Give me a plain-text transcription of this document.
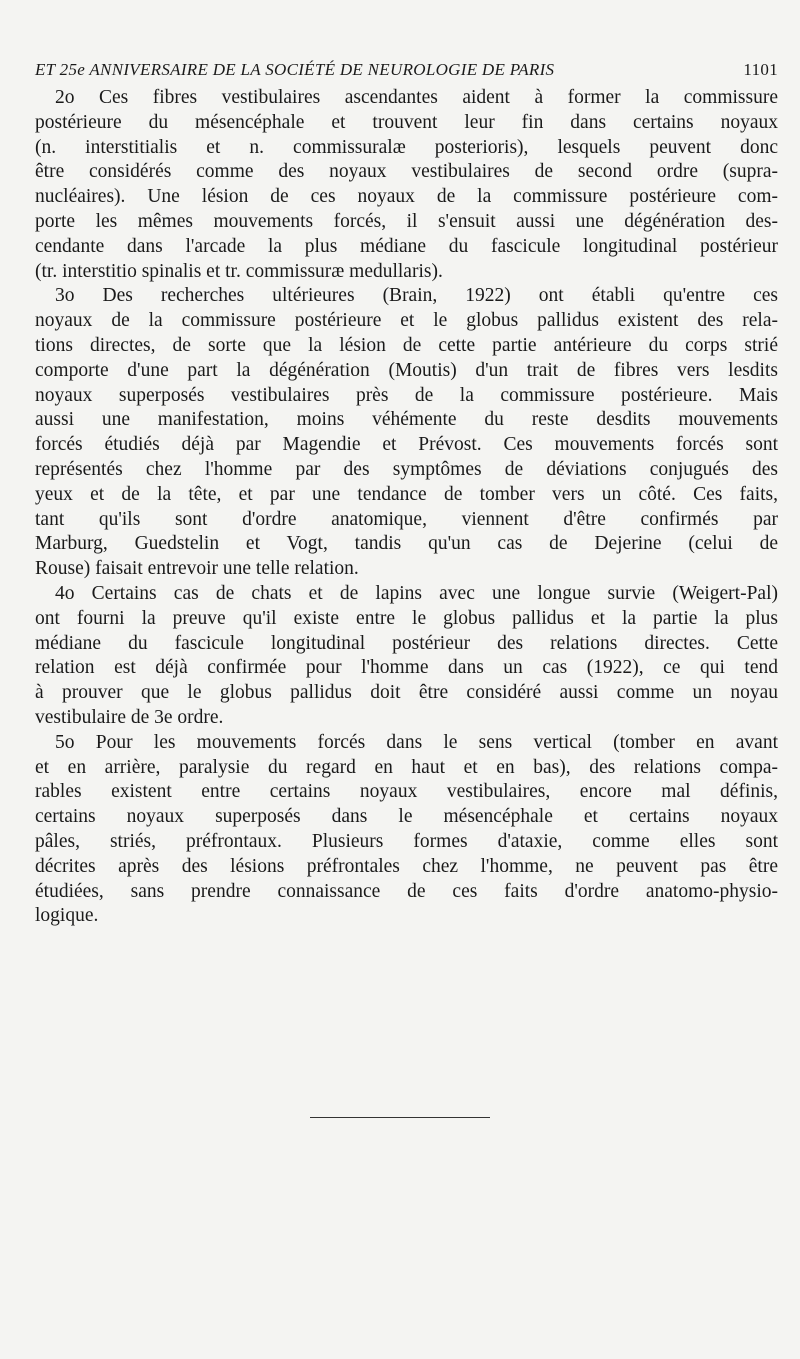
ET 25e ANNIVERSAIRE DE LA SOCIÉTÉ DE NEUROLOGIE DE PARIS	1101
2o Ces fibres vestibulaires ascendantes aident à former la commissure
postérieure du mésencéphale et trouvent leur fin dans certains noyaux
(n. interstitialis et n. commissuralæ posterioris), lesquels peuvent donc
être considérés comme des noyaux vestibulaires de second ordre (supra-
nucléaires). Une lésion de ces noyaux de la commissure postérieure com-
porte les mêmes mouvements forcés, il s'ensuit aussi une dégénération des-
cendante dans l'arcade la plus médiane du fascicule longitudinal postérieur
(tr. interstitio spinalis et tr. commissuræ medullaris).
3o Des recherches ultérieures (Brain, 1922) ont établi qu'entre ces
noyaux de la commissure postérieure et le globus pallidus existent des rela-
tions directes, de sorte que la lésion de cette partie antérieure du corps strié
comporte d'une part la dégénération (Moutis) d'un trait de fibres vers lesdits
noyaux superposés vestibulaires près de la commissure postérieure. Mais
aussi une manifestation, moins véhémente du reste desdits mouvements
forcés étudiés déjà par Magendie et Prévost. Ces mouvements forcés sont
représentés chez l'homme par des symptômes de déviations conjugués des
yeux et de la tête, et par une tendance de tomber vers un côté. Ces faits,
tant qu'ils sont d'ordre anatomique, viennent d'être confirmés par
Marburg, Guedstelin et Vogt, tandis qu'un cas de Dejerine (celui de
Rouse) faisait entrevoir une telle relation.
4o Certains cas de chats et de lapins avec une longue survie (Weigert-Pal)
ont fourni la preuve qu'il existe entre le globus pallidus et la partie la plus
médiane du fascicule longitudinal postérieur des relations directes. Cette
relation est déjà confirmée pour l'homme dans un cas (1922), ce qui tend
à prouver que le globus pallidus doit être considéré aussi comme un noyau
vestibulaire de 3e ordre.
5o Pour les mouvements forcés dans le sens vertical (tomber en avant
et en arrière, paralysie du regard en haut et en bas), des relations compa-
rables existent entre certains noyaux vestibulaires, encore mal définis,
certains noyaux superposés dans le mésencéphale et certains noyaux
pâles, striés, préfrontaux. Plusieurs formes d'ataxie, comme elles sont
décrites après des lésions préfrontales chez l'homme, ne peuvent pas être
étudiées, sans prendre connaissance de ces faits d'ordre anatomo-physio-
logique.
